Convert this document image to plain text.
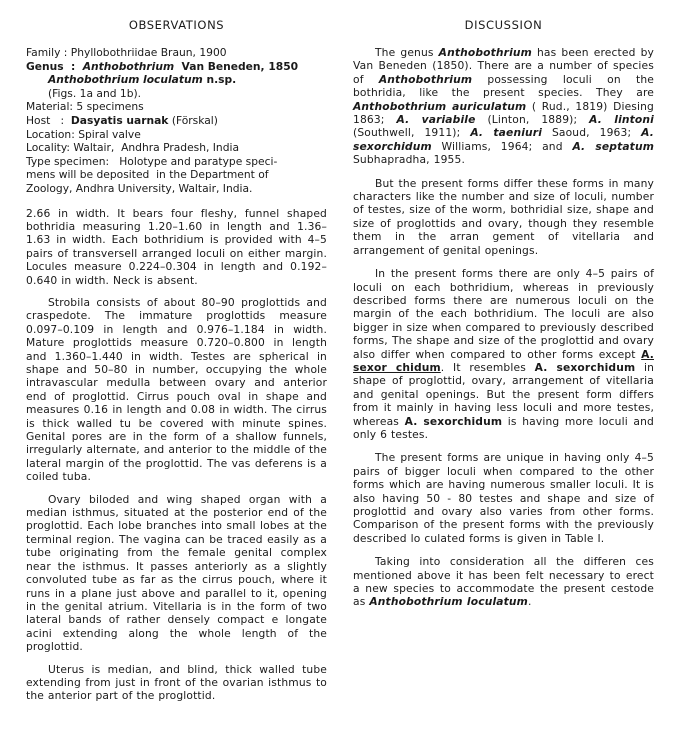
OBSERVATIONS
Family : Phyllobothriidae Braun, 1900
Genus  :  Anthobothrium  Van Beneden, 1850
Anthobothrium loculatum n.sp.
(Figs. 1a and 1b).
Material: 5 specimens
Host   :  Dasyatis uarnak (Förskal)
Location: Spiral valve
Locality: Waltair,  Andhra Pradesh, India
Type specimen:   Holotype and paratype speci-
mens will be deposited  in the Department of
Zoology, Andhra University, Waltair, India.

2.66 in width. It bears four fleshy, funnel shaped bothridia measuring 1.20–1.60 in length and 1.36–1.63 in width. Each bothridium is provided with 4–5 pairs of transversell arranged loculi on either margin. Locules measure 0.224–0.304 in length and 0.192–0.640 in width. Neck is absent.

Strobila consists of about 80–90 proglottids and craspedote. The immature proglottids measure 0.097–0.109 in length and 0.976–1.184 in width. Mature proglottids measure 0.720–0.800 in length and 1.360–1.440 in width. Testes are spherical in shape and 50–80 in number, occupying the whole intravascular medulla between ovary and anterior end of proglottid. Cirrus pouch oval in shape and measures 0.16 in length and 0.08 in width. The cirrus is thick walled tu be covered with minute spines. Genital pores are in the form of a shallow funnels, irregularly alternate, and anterior to the middle of the lateral margin of the proglottid. The vas deferens is a coiled tuba.

Ovary biloded and wing shaped organ with a median isthmus, situated at the posterior end of the proglottid. Each lobe branches into small lobes at the terminal region. The vagina can be traced easily as a tube originating from the female genital complex near the isthmus. It passes anteriorly as a slightly convoluted tube as far as the cirrus pouch, where it runs in a plane just above and parallel to it, opening in the genital atrium. Vitellaria is in the form of two lateral bands of rather densely compact e longate acini extending along the whole length of the proglottid.

Uterus is median, and blind, thick walled tube extending from just in front of the ovarian isthmus to the anterior part of the proglottid.

DISCUSSION

The genus Anthobothrium has been erected by Van Beneden (1850). There are a number of species of Anthobothrium possessing loculi on the bothridia, like the present species. They are Anthobothrium auriculatum ( Rud., 1819) Diesing 1863; A. variabile (Linton, 1889); A. lintoni (Southwell, 1911); A. taeniuri Saoud, 1963; A. sexorchidum Williams, 1964; and A. septatum Subhapradha, 1955.

But the present forms differ these forms in many characters like the number and size of loculi, number of testes, size of the worm, bothridial size, shape and size of proglottids and ovary, though they resemble them in the arran gement of vitellaria and arrangement of genital openings.

In the present forms there are only 4–5 pairs of loculi on each bothridium, whereas in previously described forms there are numerous loculi on the margin of the each bothridium. The loculi are also bigger in size when compared to previously described forms, The shape and size of the proglottid and ovary also differ when compared to other forms except A. sexor chidum. It resembles A. sexorchidum in shape of proglottid, ovary, arrangement of vitellaria and genital openings. But the present form differs from it mainly in having less loculi and more testes, whereas A. sexorchidum is having more loculi and only 6 testes.

The present forms are unique in having only 4–5 pairs of bigger loculi when compared to the other forms which are having numerous smaller loculi. It is also having 50 - 80 testes and shape and size of proglottid and ovary also varies from other forms. Comparison of the present forms with the previously described lo culated forms is given in Table I.

Taking into consideration all the differen ces mentioned above it has been felt necessary to erect a new species to accommodate the present cestode as Anthobothrium loculatum.
